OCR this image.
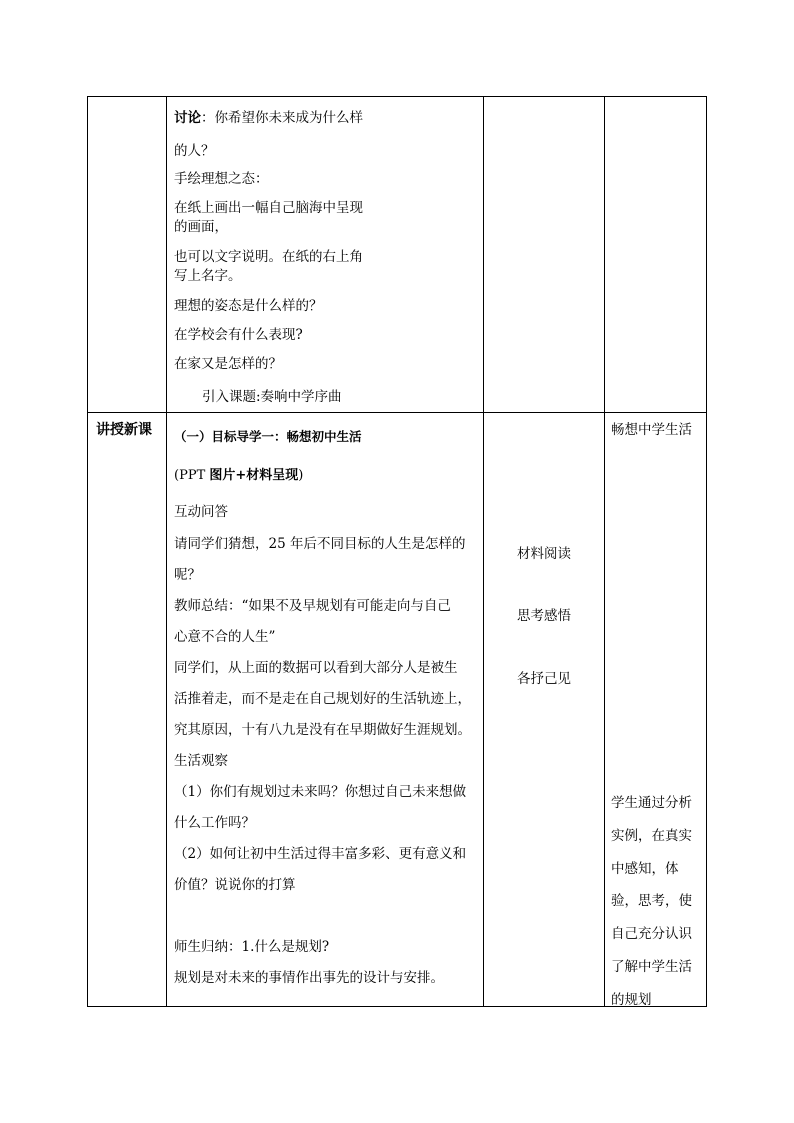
讨论：你希望你未来成为什么样
的人？
手绘理想之态：
在纸上画出一幅自己脑海中呈现
的画面，
也可以文字说明。在纸的右上角
写上名字。
理想的姿态是什么样的？
在学校会有什么表现?
在家又是怎样的？
引入课题:奏响中学序曲
讲授新课 （一）目标导学一：畅想初中生活
(PPT 图片+材料呈现)
互动问答
请同学们猜想，25 年后不同目标的人生是怎样的
呢？
教师总结：“如果不及早规划有可能走向与自己
心意不合的人生”
同学们，从上面的数据可以看到大部分人是被生
活推着走，而不是走在自己规划好的生活轨迹上，
究其原因，十有八九是没有在早期做好生涯规划。
生活观察
（1）你们有规划过未来吗？你想过自己未来想做
什么工作吗？
（2）如何让初中生活过得丰富多彩、更有意义和
价值？说说你的打算
师生归纳：1.什么是规划?
规划是对未来的事情作出事先的设计与安排。
材料阅读
思考感悟
各抒己见
畅想中学生活
学生通过分析实例，在真实中感知，体验，思考，使自己充分认识了解中学生活的规划
